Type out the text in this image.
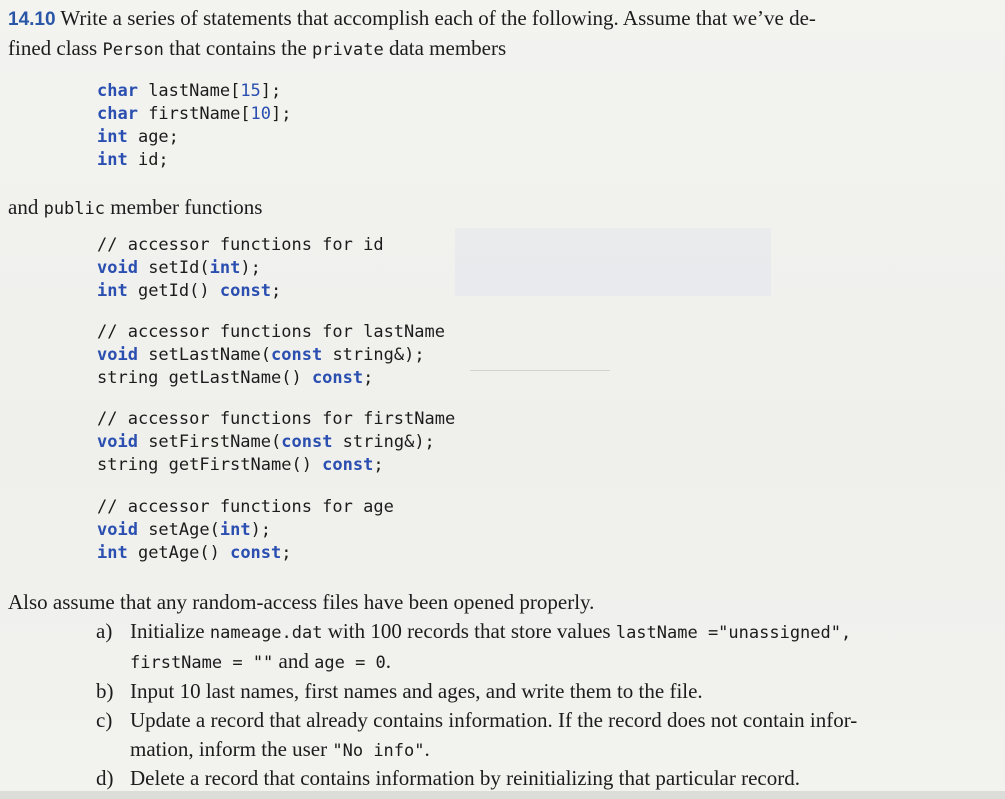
14.10 Write a series of statements that accomplish each of the following. Assume that we’ve de-
fined class Person that contains the private data members
char lastName[15];
char firstName[10];
int age;
int id;
and public member functions
// accessor functions for id
void setId(int);
int getId() const;
// accessor functions for lastName
void setLastName(const string&);
string getLastName() const;
// accessor functions for firstName
void setFirstName(const string&);
string getFirstName() const;
// accessor functions for age
void setAge(int);
int getAge() const;
Also assume that any random-access files have been opened properly.
a) Initialize nameage.dat with 100 records that store values lastName ="unassigned",
firstName = "" and age = 0.
b) Input 10 last names, first names and ages, and write them to the file.
c) Update a record that already contains information. If the record does not contain infor-
mation, inform the user "No info".
d) Delete a record that contains information by reinitializing that particular record.
